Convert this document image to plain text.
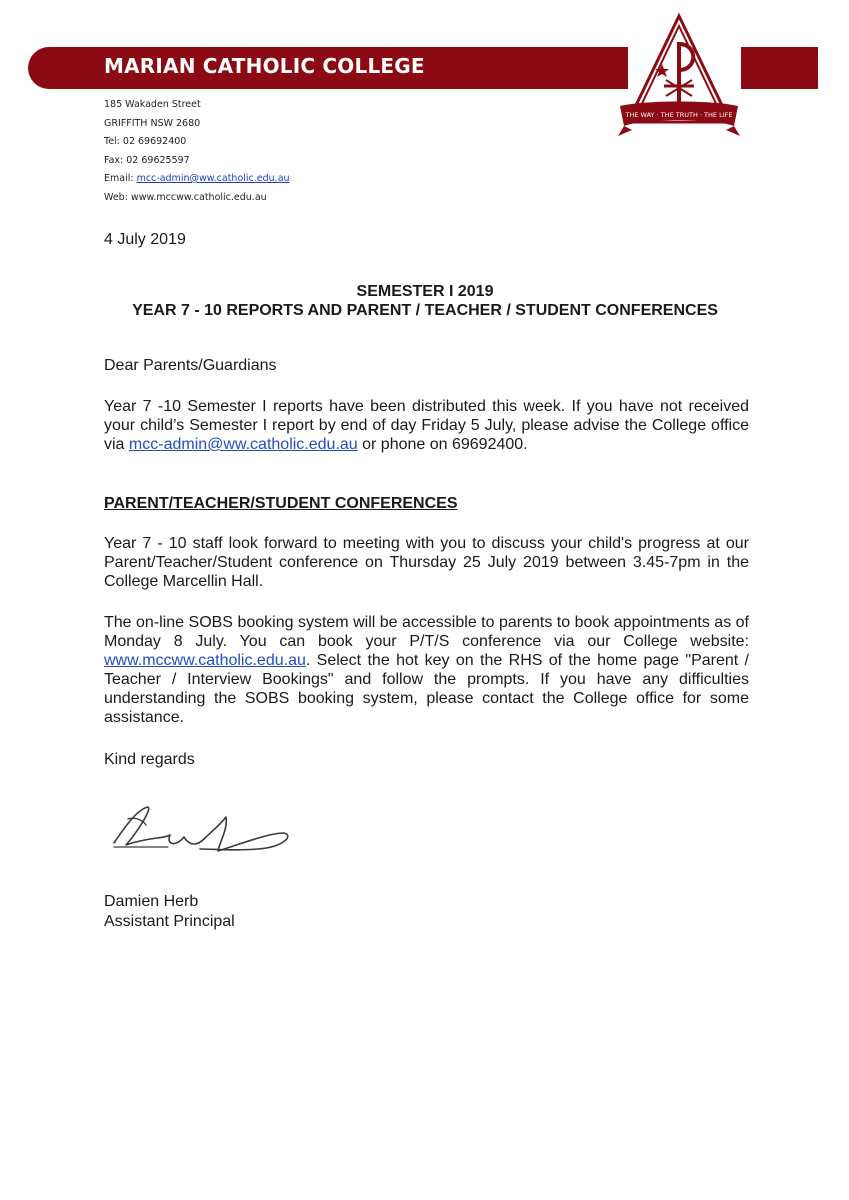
MARIAN CATHOLIC COLLEGE
THE WAY · THE TRUTH · THE LIFE
185 Wakaden Street
GRIFFITH NSW 2680
Tel: 02 69692400
Fax: 02 69625597
Email: mcc-admin@ww.catholic.edu.au
Web: www.mccww.catholic.edu.au
4 July 2019
SEMESTER I 2019
YEAR 7 - 10 REPORTS AND PARENT / TEACHER / STUDENT CONFERENCES
Dear Parents/Guardians
Year 7 -10 Semester I reports have been distributed this week. If you have not received your child’s Semester I report by end of day Friday 5 July, please advise the College office via mcc-admin@ww.catholic.edu.au or phone on 69692400.
PARENT/TEACHER/STUDENT CONFERENCES
Year 7 - 10 staff look forward to meeting with you to discuss your child's progress at our Parent/Teacher/Student conference on Thursday 25 July 2019 between 3.45-7pm in the College Marcellin Hall.
The on-line SOBS booking system will be accessible to parents to book appointments as of Monday 8 July. You can book your P/T/S conference via our College website: www.mccww.catholic.edu.au. Select the hot key on the RHS of the home page "Parent / Teacher / Interview Bookings" and follow the prompts. If you have any difficulties understanding the SOBS booking system, please contact the College office for some assistance.
Kind regards
Damien Herb
Assistant Principal
